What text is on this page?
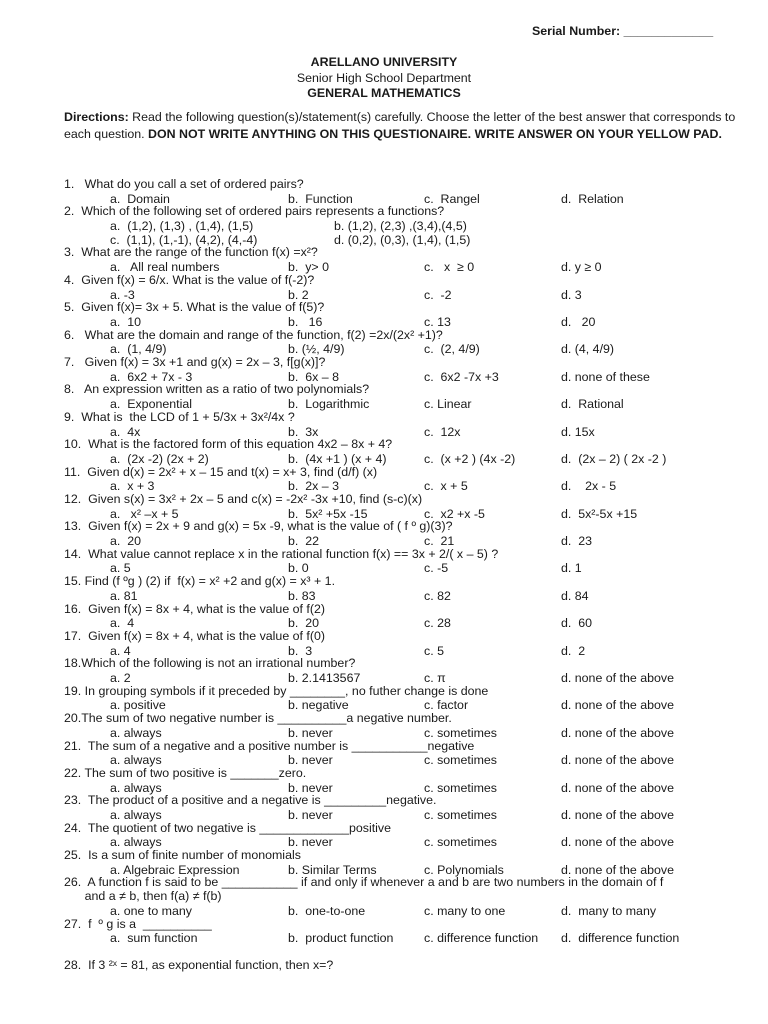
Serial Number: _____________
ARELLANO UNIVERSITY
Senior High School Department
GENERAL MATHEMATICS
Directions: Read the following question(s)/statement(s) carefully. Choose the letter of the best answer that corresponds to each question. DON NOT WRITE ANYTHING ON THIS QUESTIONAIRE. WRITE ANSWER ON YOUR YELLOW PAD.
1.   What do you call a set of ordered pairs?
a.  Domain	b.  Function	c.  Rangel	d.  Relation
2.  Which of the following set of ordered pairs represents a functions?
a.  (1,2), (1,3) , (1,4), (1,5)	b. (1,2), (2,3) ,(3,4),(4,5)
c.  (1,1), (1,-1), (4,2), (4,-4)	d. (0,2), (0,3), (1,4), (1,5)
3.  What are the range of the function f(x) =x²?
a.   All real numbers	b.  y> 0	c.   x  ≥ 0	d. y ≥ 0
4.  Given f(x) = 6/x. What is the value of f(-2)?
a. -3	b. 2	c.  -2	d. 3
5.  Given f(x)= 3x + 5. What is the value of f(5)?
a.  10	b.   16	c. 13	d.   20
6.   What are the domain and range of the function, f(2) =2x/(2x² +1)?
a.  (1, 4/9)	b. (½, 4/9)	c.  (2, 4/9)	d. (4, 4/9)
7.   Given f(x) = 3x +1 and g(x) = 2x – 3, f[g(x)]?
a.  6x2 + 7x - 3	b.  6x – 8	c.  6x2 -7x +3	d. none of these
8.   An expression written as a ratio of two polynomials?
a.  Exponential	b.  Logarithmic	c. Linear	d.  Rational
9.  What is  the LCD of 1 + 5/3x + 3x²/4x ?
a.  4x	b.  3x	c.  12x	d. 15x
10.  What is the factored form of this equation 4x2 – 8x + 4?
a.  (2x -2) (2x + 2)	b.  (4x +1 ) (x + 4)	c.  (x +2 ) (4x -2)	d.  (2x – 2) ( 2x -2 )
11.  Given d(x) = 2x² + x – 15 and t(x) = x+ 3, find (d/f) (x)
a.  x + 3	b.  2x – 3	c.  x + 5	d.    2x - 5
12.  Given s(x) = 3x² + 2x – 5 and c(x) = -2x² -3x +10, find (s-c)(x)
a.   x² –x + 5	b.  5x² +5x -15	c.  x2 +x -5	d.  5x²-5x +15
13.  Given f(x) = 2x + 9 and g(x) = 5x -9, what is the value of ( f º g)(3)?
a.  20	b.  22	c.  21	d.  23
14.  What value cannot replace x in the rational function f(x) == 3x + 2/( x – 5) ?
a. 5	b. 0	c. -5	d. 1
15. Find (f ºg ) (2) if  f(x) = x² +2 and g(x) = x³ + 1.
a. 81	b. 83	c. 82	d. 84
16.  Given f(x) = 8x + 4, what is the value of f(2)
a.  4	b.  20	c. 28	d.  60
17.  Given f(x) = 8x + 4, what is the value of f(0)
a. 4	b.  3	c. 5	d.  2
18.Which of the following is not an irrational number?
a. 2	b. 2.1413567	c. π	d. none of the above
19. In grouping symbols if it preceded by ________, no futher change is done
a. positive	b. negative	c. factor	d. none of the above
20.The sum of two negative number is __________a negative number.
a. always	b. never	c. sometimes	d. none of the above
21.  The sum of a negative and a positive number is ___________negative
a. always	b. never	c. sometimes	d. none of the above
22. The sum of two positive is _______zero.
a. always	b. never	c. sometimes	d. none of the above
23.  The product of a positive and a negative is _________negative.
a. always	b. never	c. sometimes	d. none of the above
24.  The quotient of two negative is _____________positive
a. always	b. never	c. sometimes	d. none of the above
25.  Is a sum of finite number of monomials
a. Algebraic Expression	b. Similar Terms	c. Polynomials	d. none of the above
26.  A function f is said to be ___________ if and only if whenever a and b are two numbers in the domain of f
and a ≠ b, then f(a) ≠ f(b)
a. one to many	b.  one-to-one	c. many to one	d.  many to many
27.  f  º g is a  __________
a.  sum function	b.  product function c. difference function d.  difference function
28.  If 3 ²ˣ = 81, as exponential function, then x=?
